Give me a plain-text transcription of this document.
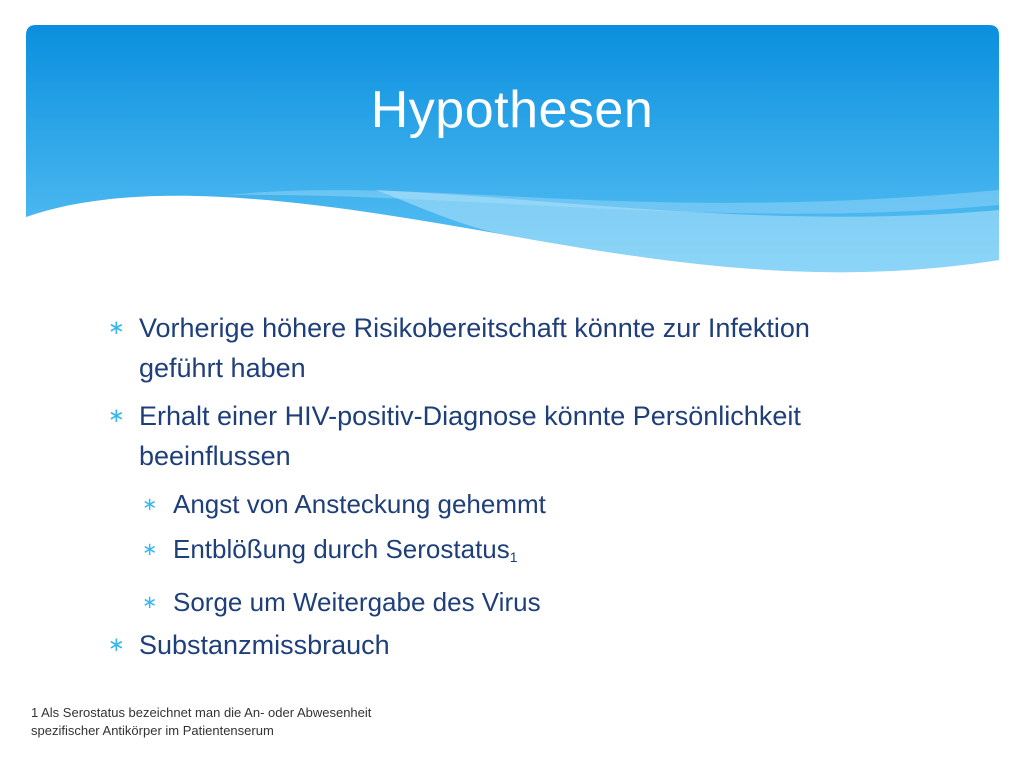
Hypothesen
∗ Vorherige höhere Risikobereitschaft könnte zur Infektion geführt haben
∗ Erhalt einer HIV-positiv-Diagnose könnte Persönlichkeit beeinflussen
∗ Angst von Ansteckung gehemmt
∗ Entblößung durch Serostatus$_1$
∗ Sorge um Weitergabe des Virus
∗ Substanzmissbrauch
1 Als Serostatus bezeichnet man die An- oder Abwesenheit
spezifischer Antikörper im Patientenserum
